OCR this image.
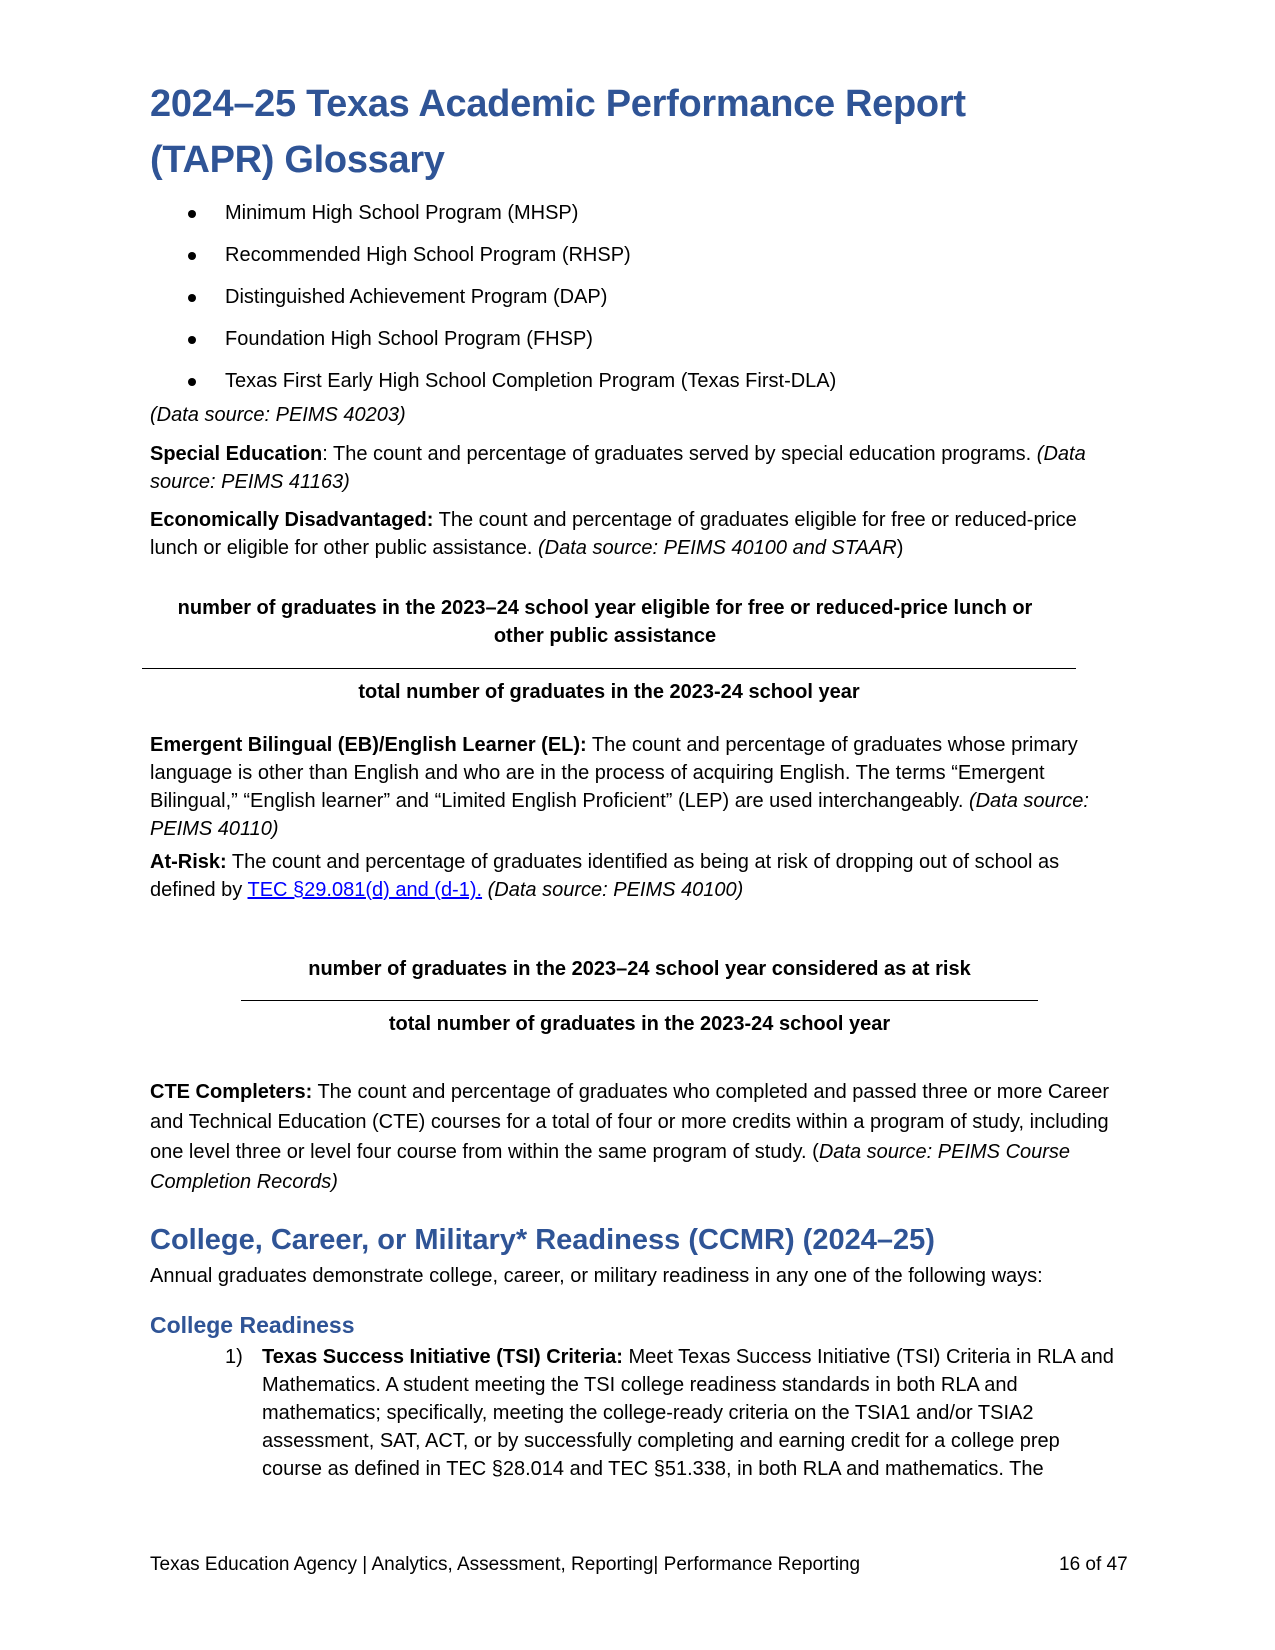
2024–25 Texas Academic Performance Report
(TAPR) Glossary
Minimum High School Program (MHSP)
Recommended High School Program (RHSP)
Distinguished Achievement Program (DAP)
Foundation High School Program (FHSP)
Texas First Early High School Completion Program (Texas First-DLA)
(Data source: PEIMS 40203)
Special Education: The count and percentage of graduates served by special education programs. (Data source: PEIMS 41163)
Economically Disadvantaged: The count and percentage of graduates eligible for free or reduced-price lunch or eligible for other public assistance. (Data source: PEIMS 40100 and STAAR)
number of graduates in the 2023–24 school year eligible for free or reduced-price lunch or other public assistance
total number of graduates in the 2023-24 school year
Emergent Bilingual (EB)/English Learner (EL): The count and percentage of graduates whose primary language is other than English and who are in the process of acquiring English. The terms “Emergent Bilingual,” “English learner” and “Limited English Proficient” (LEP) are used interchangeably. (Data source: PEIMS 40110)
At-Risk: The count and percentage of graduates identified as being at risk of dropping out of school as defined by TEC §29.081(d) and (d-1). (Data source: PEIMS 40100)
number of graduates in the 2023–24 school year considered as at risk
total number of graduates in the 2023-24 school year
CTE Completers: The count and percentage of graduates who completed and passed three or more Career and Technical Education (CTE) courses for a total of four or more credits within a program of study, including one level three or level four course from within the same program of study. (Data source: PEIMS Course Completion Records)
College, Career, or Military* Readiness (CCMR) (2024–25)
Annual graduates demonstrate college, career, or military readiness in any one of the following ways:
College Readiness
1) Texas Success Initiative (TSI) Criteria: Meet Texas Success Initiative (TSI) Criteria in RLA and Mathematics. A student meeting the TSI college readiness standards in both RLA and mathematics; specifically, meeting the college-ready criteria on the TSIA1 and/or TSIA2 assessment, SAT, ACT, or by successfully completing and earning credit for a college prep course as defined in TEC §28.014 and TEC §51.338, in both RLA and mathematics. The
Texas Education Agency | Analytics, Assessment, Reporting| Performance Reporting	16 of 47
